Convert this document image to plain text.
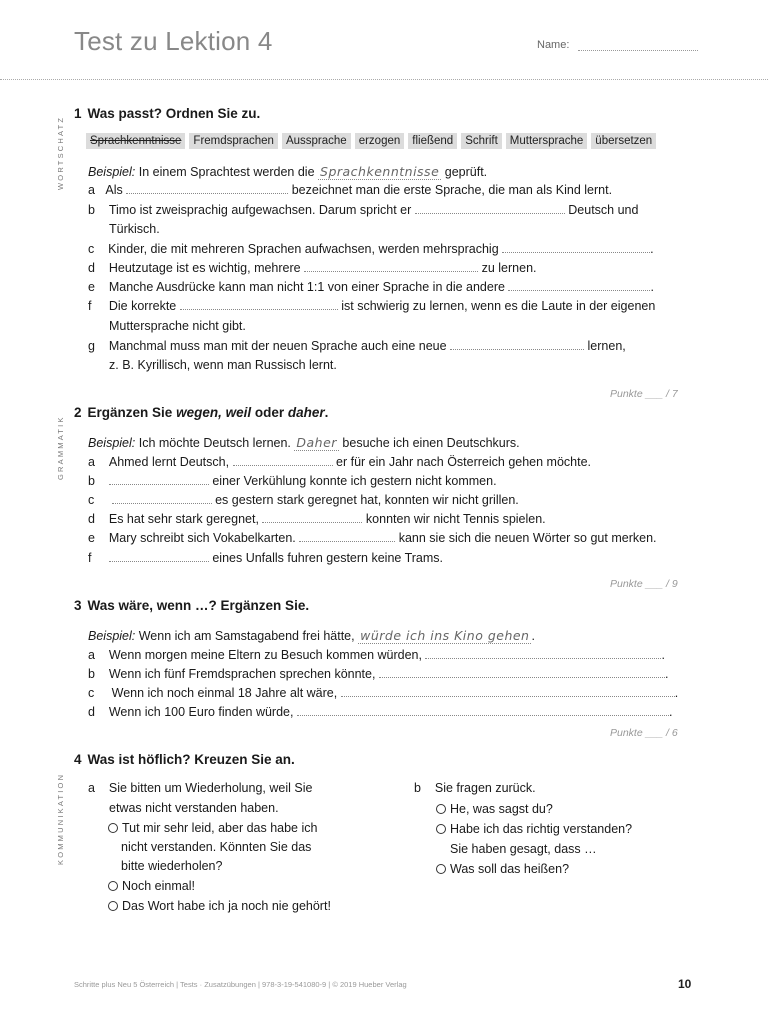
Test zu Lektion 4	Name:
WORTSCHATZ
GRAMMATIK
KOMMUNIKATION
1 Was passt? Ordnen Sie zu.
Sprachkenntnisse	Fremdsprachen	Aussprache	erzogen	fließend	Schrift	Muttersprache	übersetzen
Beispiel: In einem Sprachtest werden die Sprachkenntnisse geprüft.
a Als	bezeichnet man die erste Sprache, die man als Kind lernt.
b Timo ist zweisprachig aufgewachsen. Darum spricht er	Deutsch und
Türkisch.
c Kinder, die mit mehreren Sprachen aufwachsen, werden mehrsprachig	.
d Heutzutage ist es wichtig, mehrere	zu lernen.
e Manche Ausdrücke kann man nicht 1:1 von einer Sprache in die andere	.
f Die korrekte	ist schwierig zu lernen, wenn es die Laute in der eigenen
Muttersprache nicht gibt.
g Manchmal muss man mit der neuen Sprache auch eine neue	lernen,
z. B. Kyrillisch, wenn man Russisch lernt.
Punkte ___ / 7
2 Ergänzen Sie wegen, weil oder daher.
Beispiel: Ich möchte Deutsch lernen. Daher besuche ich einen Deutschkurs.
a Ahmed lernt Deutsch,	er für ein Jahr nach Österreich gehen möchte.
b	einer Verkühlung konnte ich gestern nicht kommen.
c	es gestern stark geregnet hat, konnten wir nicht grillen.
d Es hat sehr stark geregnet,	konnten wir nicht Tennis spielen.
e Mary schreibt sich Vokabelkarten.	kann sie sich die neuen Wörter so gut merken.
f	eines Unfalls fuhren gestern keine Trams.
Punkte ___ / 9
3 Was wäre, wenn …? Ergänzen Sie.
Beispiel: Wenn ich am Samstagabend frei hätte, würde ich ins Kino gehen .
a Wenn morgen meine Eltern zu Besuch kommen würden,	.
b Wenn ich fünf Fremdsprachen sprechen könnte,	.
c Wenn ich noch einmal 18 Jahre alt wäre,	.
d Wenn ich 100 Euro finden würde,	.
Punkte ___ / 6
4 Was ist höflich? Kreuzen Sie an.
a Sie bitten um Wiederholung, weil Sie
etwas nicht verstanden haben.
Tut mir sehr leid, aber das habe ich
nicht verstanden. Könnten Sie das
bitte wiederholen?
Noch einmal!
Das Wort habe ich ja noch nie gehört!
b Sie fragen zurück.
He, was sagst du?
Habe ich das richtig verstanden?
Sie haben gesagt, dass …
Was soll das heißen?
Schritte plus Neu 5 Österreich | Tests · Zusatzübungen | 978-3-19-541080-9 | © 2019 Hueber Verlag	10
